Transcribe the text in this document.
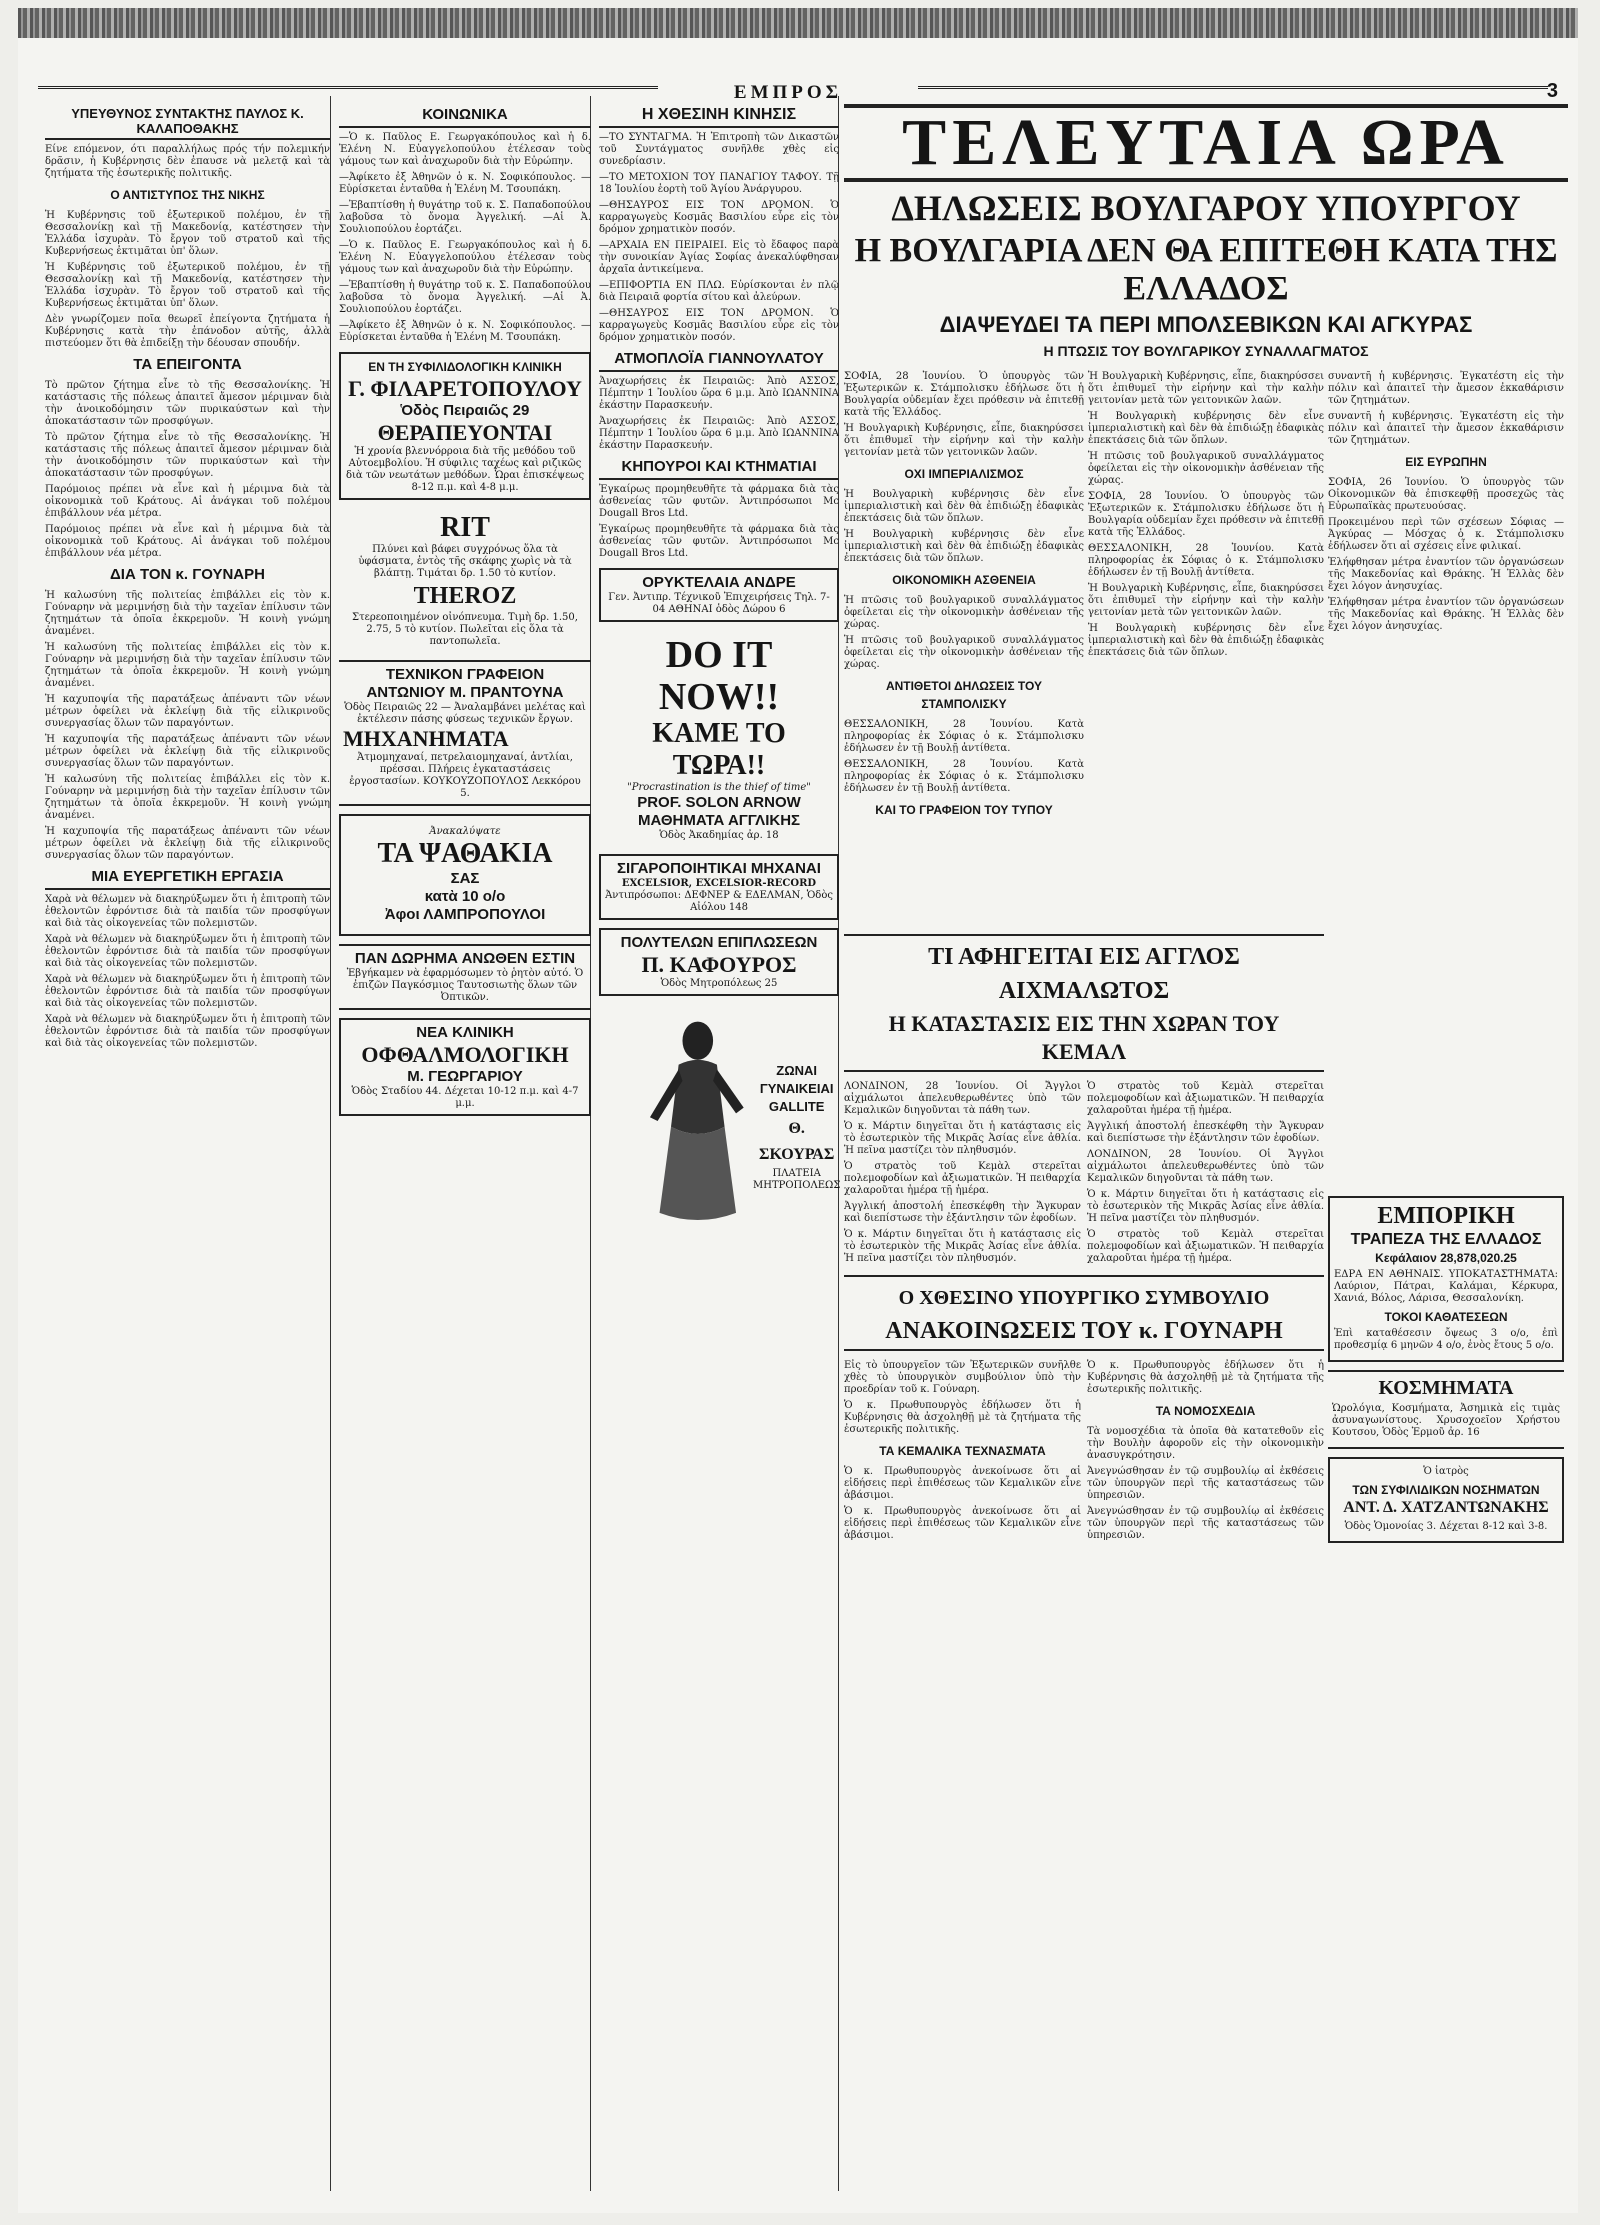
ΕΜΠΡΟΣ	3
ΥΠΕΥΘΥΝΟΣ ΣΥΝΤΑΚΤΗΣ ΠΑΥΛΟΣ Κ. ΚΑΛΑΠΟΘΑΚΗΣ

Είνε επόμενον, ότι παραλλήλως πρός τήν πολεμικήν δρᾶσιν, ἡ Κυβέρνησις δὲν ἐπαυσε νὰ μελετᾷ καὶ τὰ ζητήματα τῆς ἐσωτερικῆς πολιτικῆς.

Ο ΑΝΤΙΣΤΥΠΟΣ ΤΗΣ ΝΙΚΗΣ

Ἡ Κυβέρνησις τοῦ ἐξωτερικοῦ πολέμου, ἐν τῇ Θεσσαλονίκῃ καὶ τῇ Μακεδονίᾳ, κατέστησεν τὴν Ἑλλάδα ἰσχυρὰν. Τὸ ἔργον τοῦ στρατοῦ καὶ τῆς Κυβερνήσεως ἐκτιμᾶται ὑπ' ὅλων.

Ἡ Κυβέρνησις τοῦ ἐξωτερικοῦ πολέμου, ἐν τῇ Θεσσαλονίκῃ καὶ τῇ Μακεδονίᾳ, κατέστησεν τὴν Ἑλλάδα ἰσχυρὰν. Τὸ ἔργον τοῦ στρατοῦ καὶ τῆς Κυβερνήσεως ἐκτιμᾶται ὑπ' ὅλων.

Δὲν γνωρίζομεν ποῖα θεωρεῖ ἐπείγοντα ζητήματα ἡ Κυβέρνησις κατὰ τὴν ἐπάνοδον αὐτῆς, ἀλλὰ πιστεύομεν ὅτι θὰ ἐπιδείξῃ τὴν δέουσαν σπουδήν.

ΤΑ ΕΠΕΙΓΟΝΤΑ

Τὸ πρῶτον ζήτημα εἶνε τὸ τῆς Θεσσαλονίκης. Ἡ κατάστασις τῆς πόλεως ἀπαιτεῖ ἄμεσον μέριμναν διὰ τὴν ἀνοικοδόμησιν τῶν πυρικαύστων καὶ τὴν ἀποκατάστασιν τῶν προσφύγων.

Τὸ πρῶτον ζήτημα εἶνε τὸ τῆς Θεσσαλονίκης. Ἡ κατάστασις τῆς πόλεως ἀπαιτεῖ ἄμεσον μέριμναν διὰ τὴν ἀνοικοδόμησιν τῶν πυρικαύστων καὶ τὴν ἀποκατάστασιν τῶν προσφύγων.

Παρόμοιος πρέπει νὰ εἶνε καὶ ἡ μέριμνα διὰ τὰ οἰκονομικὰ τοῦ Κράτους. Αἱ ἀνάγκαι τοῦ πολέμου ἐπιβάλλουν νέα μέτρα.

Παρόμοιος πρέπει νὰ εἶνε καὶ ἡ μέριμνα διὰ τὰ οἰκονομικὰ τοῦ Κράτους. Αἱ ἀνάγκαι τοῦ πολέμου ἐπιβάλλουν νέα μέτρα.

ΔΙΑ ΤΟΝ κ. ΓΟΥΝΑΡΗ

Ἡ καλωσύνη τῆς πολιτείας ἐπιβάλλει εἰς τὸν κ. Γούναρην νὰ μεριμνήσῃ διὰ τὴν ταχεῖαν ἐπίλυσιν τῶν ζητημάτων τὰ ὁποῖα ἐκκρεμοῦν. Ἡ κοινὴ γνώμη ἀναμένει.

Ἡ καλωσύνη τῆς πολιτείας ἐπιβάλλει εἰς τὸν κ. Γούναρην νὰ μεριμνήσῃ διὰ τὴν ταχεῖαν ἐπίλυσιν τῶν ζητημάτων τὰ ὁποῖα ἐκκρεμοῦν. Ἡ κοινὴ γνώμη ἀναμένει.

Ἡ καχυποψία τῆς παρατάξεως ἀπέναντι τῶν νέων μέτρων ὀφείλει νὰ ἐκλείψῃ διὰ τῆς εἰλικρινοῦς συνεργασίας ὅλων τῶν παραγόντων.

Ἡ καχυποψία τῆς παρατάξεως ἀπέναντι τῶν νέων μέτρων ὀφείλει νὰ ἐκλείψῃ διὰ τῆς εἰλικρινοῦς συνεργασίας ὅλων τῶν παραγόντων.

Ἡ καλωσύνη τῆς πολιτείας ἐπιβάλλει εἰς τὸν κ. Γούναρην νὰ μεριμνήσῃ διὰ τὴν ταχεῖαν ἐπίλυσιν τῶν ζητημάτων τὰ ὁποῖα ἐκκρεμοῦν. Ἡ κοινὴ γνώμη ἀναμένει.

Ἡ καχυποψία τῆς παρατάξεως ἀπέναντι τῶν νέων μέτρων ὀφείλει νὰ ἐκλείψῃ διὰ τῆς εἰλικρινοῦς συνεργασίας ὅλων τῶν παραγόντων.

ΜΙΑ ΕΥΕΡΓΕΤΙΚΗ ΕΡΓΑΣΙΑ

Χαρὰ νὰ θέλωμεν νὰ διακηρύξωμεν ὅτι ἡ ἐπιτροπὴ τῶν ἐθελοντῶν ἐφρόντισε διὰ τὰ παιδία τῶν προσφύγων καὶ διὰ τὰς οἰκογενείας τῶν πολεμιστῶν.

Χαρὰ νὰ θέλωμεν νὰ διακηρύξωμεν ὅτι ἡ ἐπιτροπὴ τῶν ἐθελοντῶν ἐφρόντισε διὰ τὰ παιδία τῶν προσφύγων καὶ διὰ τὰς οἰκογενείας τῶν πολεμιστῶν.

Χαρὰ νὰ θέλωμεν νὰ διακηρύξωμεν ὅτι ἡ ἐπιτροπὴ τῶν ἐθελοντῶν ἐφρόντισε διὰ τὰ παιδία τῶν προσφύγων καὶ διὰ τὰς οἰκογενείας τῶν πολεμιστῶν.

Χαρὰ νὰ θέλωμεν νὰ διακηρύξωμεν ὅτι ἡ ἐπιτροπὴ τῶν ἐθελοντῶν ἐφρόντισε διὰ τὰ παιδία τῶν προσφύγων καὶ διὰ τὰς οἰκογενείας τῶν πολεμιστῶν.

ΚΟΙΝΩΝΙΚΑ

—Ὁ κ. Παῦλος Ε. Γεωργακόπουλος καὶ ἡ δ. Ἑλένη Ν. Εὐαγγελοπούλου ἐτέλεσαν τοὺς γάμους των καὶ ἀναχωροῦν διὰ τὴν Εὐρώπην.

—Ἀφίκετο ἐξ Ἀθηνῶν ὁ κ. Ν. Σοφικόπουλος. —Εὑρίσκεται ἐνταῦθα ἡ Ἑλένη Μ. Τσουπάκη.

—Ἐβαπτίσθη ἡ θυγάτηρ τοῦ κ. Σ. Παπαδοπούλου λαβοῦσα τὸ ὄνομα Ἀγγελική. —Αἱ Ἀ. Σουλιοπούλου ἑορτάζει.

—Ὁ κ. Παῦλος Ε. Γεωργακόπουλος καὶ ἡ δ. Ἑλένη Ν. Εὐαγγελοπούλου ἐτέλεσαν τοὺς γάμους των καὶ ἀναχωροῦν διὰ τὴν Εὐρώπην.

—Ἐβαπτίσθη ἡ θυγάτηρ τοῦ κ. Σ. Παπαδοπούλου λαβοῦσα τὸ ὄνομα Ἀγγελική. —Αἱ Ἀ. Σουλιοπούλου ἑορτάζει.

—Ἀφίκετο ἐξ Ἀθηνῶν ὁ κ. Ν. Σοφικόπουλος. —Εὑρίσκεται ἐνταῦθα ἡ Ἑλένη Μ. Τσουπάκη.

ΕΝ ΤΗ ΣΥΦΙΛΙΔΟΛΟΓΙΚΗ ΚΛΙΝΙΚΗ
Γ. ΦΙΛΑΡΕΤΟΠΟΥΛΟΥ
Ὁδὸς Πειραιῶς 29
ΘΕΡΑΠΕΥΟΝΤΑΙ
Ἡ χρονία βλεννόρροια διὰ τῆς μεθόδου τοῦ Αὐτοεμβολίου. Ἡ σύφιλις ταχέως καὶ ριζικῶς διὰ τῶν νεωτάτων μεθόδων. Ὧραι ἐπισκέψεως 8-12 π.μ. καὶ 4-8 μ.μ.
RIT
Πλύνει καὶ βάφει συγχρόνως ὅλα τὰ ὑφάσματα, ἐντὸς τῆς σκάφης χωρὶς νὰ τὰ βλάπτῃ. Τιμάται δρ. 1.50 τὸ κυτίον.
THEROZ
Στερεοποιημένον οἰνόπνευμα. Τιμὴ δρ. 1.50, 2.75, 5 τὸ κυτίον. Πωλεῖται εἰς ὅλα τὰ παντοπωλεῖα.
ΤΕΧΝΙΚΟΝ ΓΡΑΦΕΙΟΝ
ΑΝΤΩΝΙΟΥ Μ. ΠΡΑΝΤΟΥΝΑ
Ὁδὸς Πειραιῶς 22 — Ἀναλαμβάνει μελέτας καὶ ἐκτέλεσιν πάσης φύσεως τεχνικῶν ἔργων.
ΜΗΧΑΝΗΜΑΤΑ
Ἀτμομηχαναί, πετρελαιομηχαναί, ἀντλίαι, πρέσσαι. Πλήρεις ἐγκαταστάσεις ἐργοστασίων. ΚΟΥΚΟΥΖΟΠΟΥΛΟΣ Λεκκόρου 5.
Ἀνακαλύψατε
ΤΑ ΨΑΘΑΚΙΑ
ΣΑΣ
κατὰ 10 ο/ο
Ἀφοι ΛΑΜΠΡΟΠΟΥΛΟΙ
ΠΑΝ ΔΩΡΗΜΑ ΑΝΩΘΕΝ ΕΣΤΙΝ
Ἐβγήκαμεν νὰ ἐφαρμόσωμεν τὸ ῥητὸν αὐτό. Ὁ ἐπιζῶν Παγκόσμιος Ταυτοσιωτὴς ὅλων τῶν Ὀπτικῶν.
ΝΕΑ ΚΛΙΝΙΚΗ
ΟΦΘΑΛΜΟΛΟΓΙΚΗ
Μ. ΓΕΩΡΓΑΡΙΟΥ
Ὁδὸς Σταδίου 44. Δέχεται 10-12 π.μ. καὶ 4-7 μ.μ.
Η ΧΘΕΣΙΝΗ ΚΙΝΗΣΙΣ

—ΤΟ ΣΥΝΤΑΓΜΑ. Ἡ Ἐπιτροπὴ τῶν Δικαστῶν τοῦ Συντάγματος συνῆλθε χθὲς εἰς συνεδρίασιν.

—ΤΟ ΜΕΤΟΧΙΟΝ ΤΟΥ ΠΑΝΑΓΙΟΥ ΤΑΦΟΥ. Τῇ 18 Ἰουλίου ἑορτὴ τοῦ Ἁγίου Ἀνάργυρου.

—ΘΗΣΑΥΡΟΣ ΕΙΣ ΤΟΝ ΔΡΟΜΟΝ. Ὁ καρραγωγεὺς Κοσμᾶς Βασιλίου εὗρε εἰς τὸν δρόμον χρηματικὸν ποσόν.

—ΑΡΧΑΙΑ ΕΝ ΠΕΙΡΑΙΕΙ. Εἰς τὸ ἔδαφος παρὰ τὴν συνοικίαν Ἀγίας Σοφίας ἀνεκαλύφθησαν ἀρχαῖα ἀντικείμενα.

—ΕΠΙΦΟΡΤΙΑ ΕΝ ΠΛΩ. Εὑρίσκονται ἐν πλῷ διὰ Πειραιᾶ φορτία σίτου καὶ ἀλεύρων.

—ΘΗΣΑΥΡΟΣ ΕΙΣ ΤΟΝ ΔΡΟΜΟΝ. Ὁ καρραγωγεὺς Κοσμᾶς Βασιλίου εὗρε εἰς τὸν δρόμον χρηματικὸν ποσόν.

ΑΤΜΟΠΛΟΪΑ ΓΙΑΝΝΟΥΛΑΤΟΥ

Ἀναχωρήσεις ἐκ Πειραιῶς: Ἀπὸ ΑΣΣΟΣ, Πέμπτην 1 Ἰουλίου ὥρα 6 μ.μ. Ἀπὸ ΙΩΑΝΝΙΝΑ ἐκάστην Παρασκευήν.

Ἀναχωρήσεις ἐκ Πειραιῶς: Ἀπὸ ΑΣΣΟΣ, Πέμπτην 1 Ἰουλίου ὥρα 6 μ.μ. Ἀπὸ ΙΩΑΝΝΙΝΑ ἐκάστην Παρασκευήν.

ΚΗΠΟΥΡΟΙ ΚΑΙ ΚΤΗΜΑΤΙΑΙ

Ἐγκαίρως προμηθευθῆτε τὰ φάρμακα διὰ τὰς ἀσθενείας τῶν φυτῶν. Ἀντιπρόσωποι Mc Dougall Bros Ltd.

Ἐγκαίρως προμηθευθῆτε τὰ φάρμακα διὰ τὰς ἀσθενείας τῶν φυτῶν. Ἀντιπρόσωποι Mc Dougall Bros Ltd.

ΟΡΥΚΤΕΛΑΙΑ ΑΝΔΡΕ
Γεν. Ἀντιπρ. Τέχνικοῦ Ἐπιχειρήσεις Τηλ. 7-04 ΑΘΗΝΑΙ ὁδὸς Δώρου 6
DO IT NOW!!
ΚΑΜΕ ΤΟ ΤΩΡΑ!!
"Procrastination is the thief of time"
PROF. SOLON ARNOW
ΜΑΘΗΜΑΤΑ ΑΓΓΛΙΚΗΣ
Ὁδὸς Ἀκαδημίας ἀρ. 18
ΣΙΓΑΡΟΠΟΙΗΤΙΚΑΙ ΜΗΧΑΝΑΙ
EXCELSIOR, EXCELSIOR-RECORD
Ἀντιπρόσωποι: ΔΕΦΝΕΡ & ΕΔΕΛΜΑΝ, Ὁδὸς Αἰόλου 148
ΠΟΛΥΤΕΛΩΝ ΕΠΙΠΛΩΣΕΩΝ
Π. ΚΑΦΟΥΡΟΣ
Ὁδὸς Μητροπόλεως 25
ΖΩΝΑΙ ΓΥΝΑΙΚΕΙΑΙ GALLITE
Θ. ΣΚΟΥΡΑΣ
ΠΛΑΤΕΙΑ ΜΗΤΡΟΠΟΛΕΩΣ
ΤΕΛΕΥΤΑΙΑ ΩΡΑ
ΔΗΛΩΣΕΙΣ ΒΟΥΛΓΑΡΟΥ ΥΠΟΥΡΓΟΥ
Η ΒΟΥΛΓΑΡΙΑ ΔΕΝ ΘΑ ΕΠΙΤΕΘΗ ΚΑΤΑ ΤΗΣ ΕΛΛΑΔΟΣ
ΔΙΑΨΕΥΔΕΙ ΤΑ ΠΕΡΙ ΜΠΟΛΣΕΒΙΚΩΝ ΚΑΙ ΑΓΚΥΡΑΣ
Η ΠΤΩΣΙΣ ΤΟΥ ΒΟΥΛΓΑΡΙΚΟΥ ΣΥΝΑΛΛΑΓΜΑΤΟΣ

ΣΟΦΙΑ, 28 Ἰουνίου. Ὁ ὑπουργὸς τῶν Ἐξωτερικῶν κ. Στάμπολισκυ ἐδήλωσε ὅτι ἡ Βουλγαρία οὐδεμίαν ἔχει πρόθεσιν νὰ ἐπιτεθῇ κατὰ τῆς Ἑλλάδος.

Ἡ Βουλγαρικὴ Κυβέρνησις, εἶπε, διακηρύσσει ὅτι ἐπιθυμεῖ τὴν εἰρήνην καὶ τὴν καλὴν γειτονίαν μετὰ τῶν γειτονικῶν λαῶν.

ΟΧΙ ΙΜΠΕΡΙΑΛΙΣΜΟΣ

Ἡ Βουλγαρικὴ κυβέρνησις δὲν εἶνε ἰμπεριαλιστικὴ καὶ δὲν θὰ ἐπιδιώξῃ ἐδαφικὰς ἐπεκτάσεις διὰ τῶν ὅπλων.

Ἡ Βουλγαρικὴ κυβέρνησις δὲν εἶνε ἰμπεριαλιστικὴ καὶ δὲν θὰ ἐπιδιώξῃ ἐδαφικὰς ἐπεκτάσεις διὰ τῶν ὅπλων.

ΟΙΚΟΝΟΜΙΚΗ ΑΣΘΕΝΕΙΑ

Ἡ πτῶσις τοῦ βουλγαρικοῦ συναλλάγματος ὀφείλεται εἰς τὴν οἰκονομικὴν ἀσθένειαν τῆς χώρας.

Ἡ πτῶσις τοῦ βουλγαρικοῦ συναλλάγματος ὀφείλεται εἰς τὴν οἰκονομικὴν ἀσθένειαν τῆς χώρας.

ΑΝΤΙΘΕΤΟΙ ΔΗΛΩΣΕΙΣ ΤΟΥ ΣΤΑΜΠΟΛΙΣΚΥ

ΘΕΣΣΑΛΟΝΙΚΗ, 28 Ἰουνίου. Κατὰ πληροφορίας ἐκ Σόφιας ὁ κ. Στάμπολισκυ ἐδήλωσεν ἐν τῇ Βουλῇ ἀντίθετα.

ΘΕΣΣΑΛΟΝΙΚΗ, 28 Ἰουνίου. Κατὰ πληροφορίας ἐκ Σόφιας ὁ κ. Στάμπολισκυ ἐδήλωσεν ἐν τῇ Βουλῇ ἀντίθετα.

ΚΑΙ ΤΟ ΓΡΑΦΕΙΟΝ ΤΟΥ ΤΥΠΟΥ

Ἡ Βουλγαρικὴ Κυβέρνησις, εἶπε, διακηρύσσει ὅτι ἐπιθυμεῖ τὴν εἰρήνην καὶ τὴν καλὴν γειτονίαν μετὰ τῶν γειτονικῶν λαῶν.

Ἡ Βουλγαρικὴ κυβέρνησις δὲν εἶνε ἰμπεριαλιστικὴ καὶ δὲν θὰ ἐπιδιώξῃ ἐδαφικὰς ἐπεκτάσεις διὰ τῶν ὅπλων.

Ἡ πτῶσις τοῦ βουλγαρικοῦ συναλλάγματος ὀφείλεται εἰς τὴν οἰκονομικὴν ἀσθένειαν τῆς χώρας.

ΣΟΦΙΑ, 28 Ἰουνίου. Ὁ ὑπουργὸς τῶν Ἐξωτερικῶν κ. Στάμπολισκυ ἐδήλωσε ὅτι ἡ Βουλγαρία οὐδεμίαν ἔχει πρόθεσιν νὰ ἐπιτεθῇ κατὰ τῆς Ἑλλάδος.

ΘΕΣΣΑΛΟΝΙΚΗ, 28 Ἰουνίου. Κατὰ πληροφορίας ἐκ Σόφιας ὁ κ. Στάμπολισκυ ἐδήλωσεν ἐν τῇ Βουλῇ ἀντίθετα.

Ἡ Βουλγαρικὴ Κυβέρνησις, εἶπε, διακηρύσσει ὅτι ἐπιθυμεῖ τὴν εἰρήνην καὶ τὴν καλὴν γειτονίαν μετὰ τῶν γειτονικῶν λαῶν.

Ἡ Βουλγαρικὴ κυβέρνησις δὲν εἶνε ἰμπεριαλιστικὴ καὶ δὲν θὰ ἐπιδιώξῃ ἐδαφικὰς ἐπεκτάσεις διὰ τῶν ὅπλων.

συναντῆ ἡ κυβέρνησις. Ἐγκατέστη εἰς τὴν πόλιν καὶ ἀπαιτεῖ τὴν ἄμεσον ἐκκαθάρισιν τῶν ζητημάτων.

συναντῆ ἡ κυβέρνησις. Ἐγκατέστη εἰς τὴν πόλιν καὶ ἀπαιτεῖ τὴν ἄμεσον ἐκκαθάρισιν τῶν ζητημάτων.

ΕΙΣ ΕΥΡΩΠΗΝ

ΣΟΦΙΑ, 26 Ἰουνίου. Ὁ ὑπουργὸς τῶν Οἰκονομικῶν θὰ ἐπισκεφθῇ προσεχῶς τὰς Εὐρωπαϊκὰς πρωτευούσας.

Προκειμένου περὶ τῶν σχέσεων Σόφιας — Ἀγκύρας — Μόσχας ὁ κ. Στάμπολισκυ ἐδήλωσεν ὅτι αἱ σχέσεις εἶνε φιλικαί.

Ἐλήφθησαν μέτρα ἐναντίον τῶν ὀργανώσεων τῆς Μακεδονίας καὶ Θράκης. Ἡ Ἑλλὰς δὲν ἔχει λόγον ἀνησυχίας.

Ἐλήφθησαν μέτρα ἐναντίον τῶν ὀργανώσεων τῆς Μακεδονίας καὶ Θράκης. Ἡ Ἑλλὰς δὲν ἔχει λόγον ἀνησυχίας.

ΤΙ ΑΦΗΓΕΙΤΑΙ ΕΙΣ ΑΓΓΛΟΣ ΑΙΧΜΑΛΩΤΟΣ
Η ΚΑΤΑΣΤΑΣΙΣ ΕΙΣ ΤΗΝ ΧΩΡΑΝ ΤΟΥ ΚΕΜΑΛ

ΛΟΝΔΙΝΟΝ, 28 Ἰουνίου. Οἱ Ἄγγλοι αἰχμάλωτοι ἀπελευθερωθέντες ὑπὸ τῶν Κεμαλικῶν διηγοῦνται τὰ πάθη των.

Ὁ κ. Μάρτιν διηγεῖται ὅτι ἡ κατάστασις εἰς τὸ ἐσωτερικὸν τῆς Μικρᾶς Ἀσίας εἶνε ἀθλία. Ἡ πεῖνα μαστίζει τὸν πληθυσμόν.

Ὁ στρατὸς τοῦ Κεμὰλ στερεῖται πολεμοφοδίων καὶ ἀξιωματικῶν. Ἡ πειθαρχία χαλαροῦται ἡμέρα τῇ ἡμέρα.

Ἀγγλική ἀποστολή ἐπεσκέφθη τὴν Ἄγκυραν καὶ διεπίστωσε τὴν ἐξάντλησιν τῶν ἐφοδίων.

Ὁ κ. Μάρτιν διηγεῖται ὅτι ἡ κατάστασις εἰς τὸ ἐσωτερικὸν τῆς Μικρᾶς Ἀσίας εἶνε ἀθλία. Ἡ πεῖνα μαστίζει τὸν πληθυσμόν.

Ὁ στρατὸς τοῦ Κεμὰλ στερεῖται πολεμοφοδίων καὶ ἀξιωματικῶν. Ἡ πειθαρχία χαλαροῦται ἡμέρα τῇ ἡμέρα.

Ἀγγλική ἀποστολή ἐπεσκέφθη τὴν Ἄγκυραν καὶ διεπίστωσε τὴν ἐξάντλησιν τῶν ἐφοδίων.

ΛΟΝΔΙΝΟΝ, 28 Ἰουνίου. Οἱ Ἄγγλοι αἰχμάλωτοι ἀπελευθερωθέντες ὑπὸ τῶν Κεμαλικῶν διηγοῦνται τὰ πάθη των.

Ὁ κ. Μάρτιν διηγεῖται ὅτι ἡ κατάστασις εἰς τὸ ἐσωτερικὸν τῆς Μικρᾶς Ἀσίας εἶνε ἀθλία. Ἡ πεῖνα μαστίζει τὸν πληθυσμόν.

Ὁ στρατὸς τοῦ Κεμὰλ στερεῖται πολεμοφοδίων καὶ ἀξιωματικῶν. Ἡ πειθαρχία χαλαροῦται ἡμέρα τῇ ἡμέρα.

Ο ΧΘΕΣΙΝΟ ΥΠΟΥΡΓΙΚΟ ΣΥΜΒΟΥΛΙΟ
ΑΝΑΚΟΙΝΩΣΕΙΣ ΤΟΥ κ. ΓΟΥΝΑΡΗ

Εἰς τὸ ὑπουργεῖον τῶν Ἐξωτερικῶν συνῆλθε χθὲς τὸ ὑπουργικὸν συμβούλιον ὑπὸ τὴν προεδρίαν τοῦ κ. Γούναρη.

Ὁ κ. Πρωθυπουργὸς ἐδήλωσεν ὅτι ἡ Κυβέρνησις θὰ ἀσχοληθῇ μὲ τὰ ζητήματα τῆς ἐσωτερικῆς πολιτικῆς.

ΤΑ ΚΕΜΑΛΙΚΑ ΤΕΧΝΑΣΜΑΤΑ

Ὁ κ. Πρωθυπουργὸς ἀνεκοίνωσε ὅτι αἱ εἰδήσεις περὶ ἐπιθέσεως τῶν Κεμαλικῶν εἶνε ἀβάσιμοι.

Ὁ κ. Πρωθυπουργὸς ἀνεκοίνωσε ὅτι αἱ εἰδήσεις περὶ ἐπιθέσεως τῶν Κεμαλικῶν εἶνε ἀβάσιμοι.

Ὁ κ. Πρωθυπουργὸς ἐδήλωσεν ὅτι ἡ Κυβέρνησις θὰ ἀσχοληθῇ μὲ τὰ ζητήματα τῆς ἐσωτερικῆς πολιτικῆς.

ΤΑ ΝΟΜΟΣΧΕΔΙΑ

Τὰ νομοσχέδια τὰ ὁποῖα θὰ κατατεθοῦν εἰς τὴν Βουλὴν ἀφοροῦν εἰς τὴν οἰκονομικὴν ἀνασυγκρότησιν.

Ἀνεγνώσθησαν ἐν τῷ συμβουλίῳ αἱ ἐκθέσεις τῶν ὑπουργῶν περὶ τῆς καταστάσεως τῶν ὑπηρεσιῶν.

Ἀνεγνώσθησαν ἐν τῷ συμβουλίῳ αἱ ἐκθέσεις τῶν ὑπουργῶν περὶ τῆς καταστάσεως τῶν ὑπηρεσιῶν.

ΕΜΠΟΡΙΚΗ
ΤΡΑΠΕΖΑ ΤΗΣ ΕΛΛΑΔΟΣ
Κεφάλαιον 28,878,020.25
ΕΔΡΑ ΕΝ ΑΘΗΝΑΙΣ. ΥΠΟΚΑΤΑΣΤΗΜΑΤΑ: Λαύριον, Πάτραι, Καλάμαι, Κέρκυρα, Χανιά, Βόλος, Λάρισα, Θεσσαλονίκη.
ΤΟΚΟΙ ΚΑΘΑΤΕΣΕΩΝ
Ἐπὶ καταθέσεσιν ὄψεως 3 ο/ο, ἐπὶ προθεσμίᾳ 6 μηνῶν 4 ο/ο, ἑνὸς ἔτους 5 ο/ο.
ΚΟΣΜΗΜΑΤΑ
Ὡρολόγια, Κοσμήματα, Ἀσημικὰ εἰς τιμὰς ἀσυναγωνίστους. Χρυσοχοεῖον Χρήστου Κουτσου, Ὁδὸς Ἑρμοῦ ἀρ. 16
Ὁ ἰατρὸς
ΤΩΝ ΣΥΦΙΛΙΔΙΚΩΝ ΝΟΣΗΜΑΤΩΝ
ΑΝΤ. Δ. ΧΑΤΖΑΝΤΩΝΑΚΗΣ
Ὁδὸς Ὁμονοίας 3. Δέχεται 8-12 καὶ 3-8.
